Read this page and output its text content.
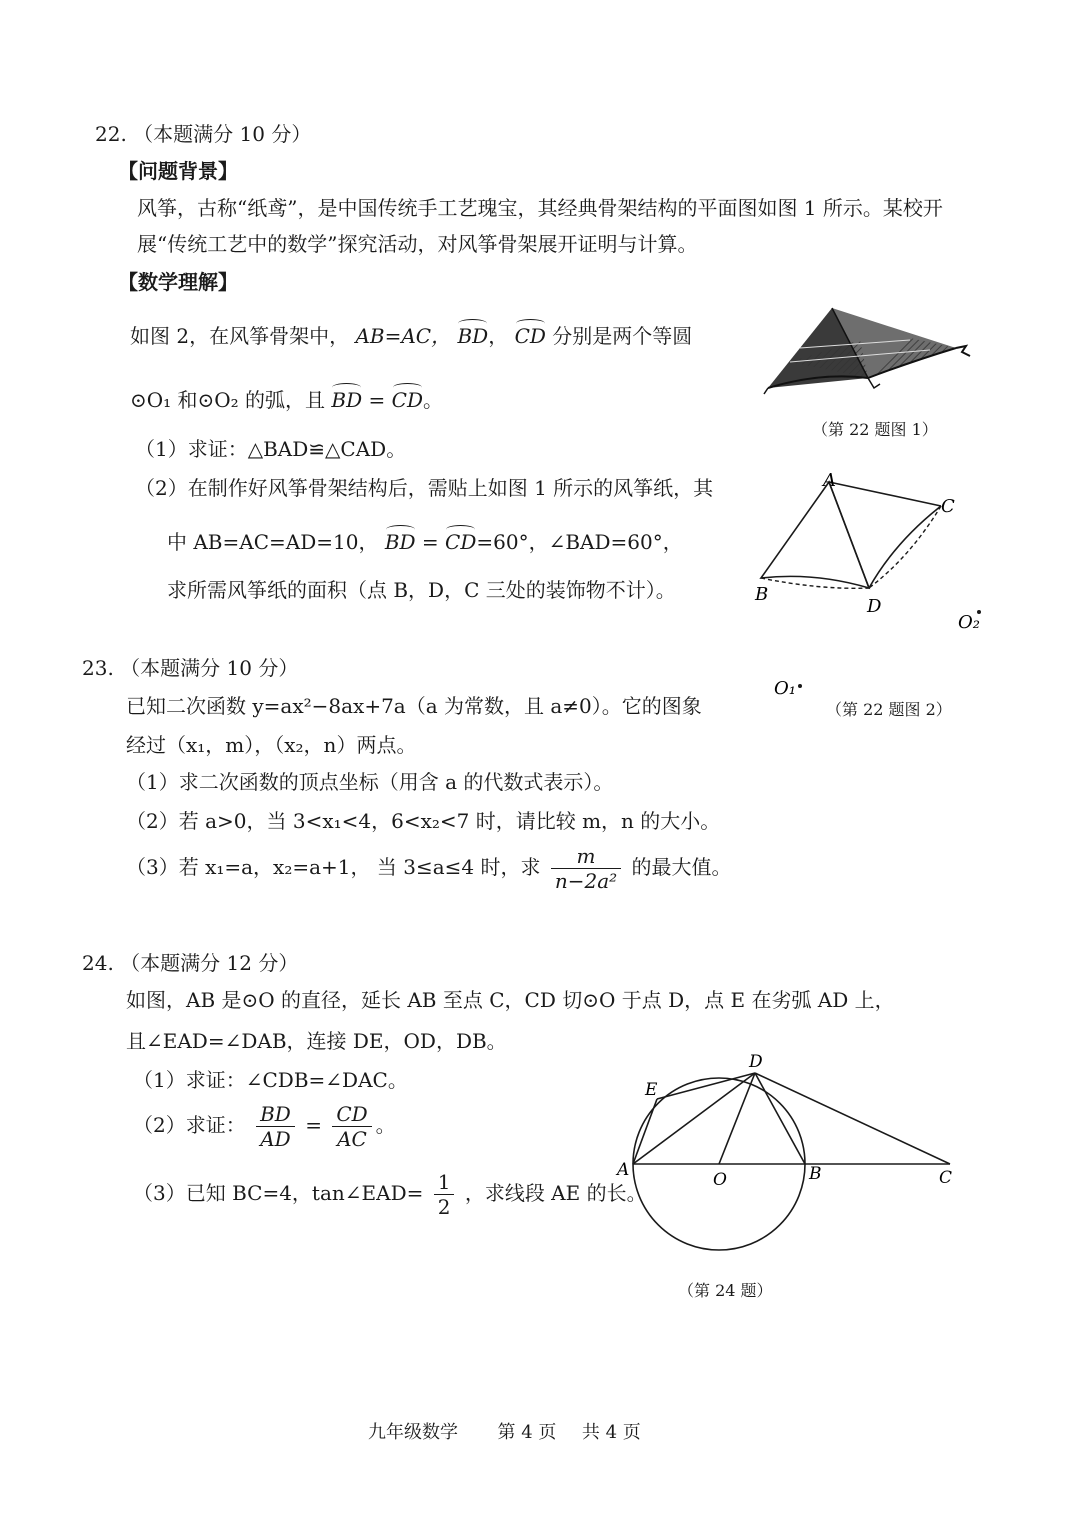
22. （本题满分 10 分）
【问题背景】
风筝，古称“纸鸢”，是中国传统手工艺瑰宝，其经典骨架结构的平面图如图 1 所示。某校开
展“传统工艺中的数学”探究活动，对风筝骨架展开证明与计算。
【数学理解】
如图 2，在风筝骨架中， AB=AC， BD， CD 分别是两个等圆
⊙O₁ 和⊙O₂ 的弧，且 BD = CD。
（1）求证：△BAD≌△CAD。
（2）在制作好风筝骨架结构后，需贴上如图 1 所示的风筝纸，其
中 AB=AC=AD=10， BD = CD=60°，∠BAD=60°，
求所需风筝纸的面积（点 B，D，C 三处的装饰物不计）。
（第 22 题图 1）
A
B
C
D
O₂
O₁
（第 22 题图 2）
23. （本题满分 10 分）
已知二次函数 y=ax²−8ax+7a（a 为常数，且 a≠0）。它的图象
经过（x₁，m），（x₂，n）两点。
（1）求二次函数的顶点坐标（用含 a 的代数式表示）。
（2）若 a>0，当 3<x₁<4，6<x₂<7 时，请比较 m，n 的大小。
（3）若 x₁=a，x₂=a+1， 当 3≤a≤4 时，求 $\frac{m}{\text{n−2a²}}$ 的最大值。
24. （本题满分 12 分）
如图，AB 是⊙O 的直径，延长 AB 至点 C，CD 切⊙O 于点 D，点 E 在劣弧 AD 上，
且∠EAD=∠DAB，连接 DE，OD，DB。
（1）求证：∠CDB=∠DAC。
（2）求证： $\frac{BD}{AD} = \frac{CD}{AC}$ 。
（3）已知 BC=4，tan∠EAD= $\frac{1}{2}$ ，求线段 AE 的长。
A	O	B	C
D
E
（第 24 题）
九年级数学 第 4 页 共 4 页
